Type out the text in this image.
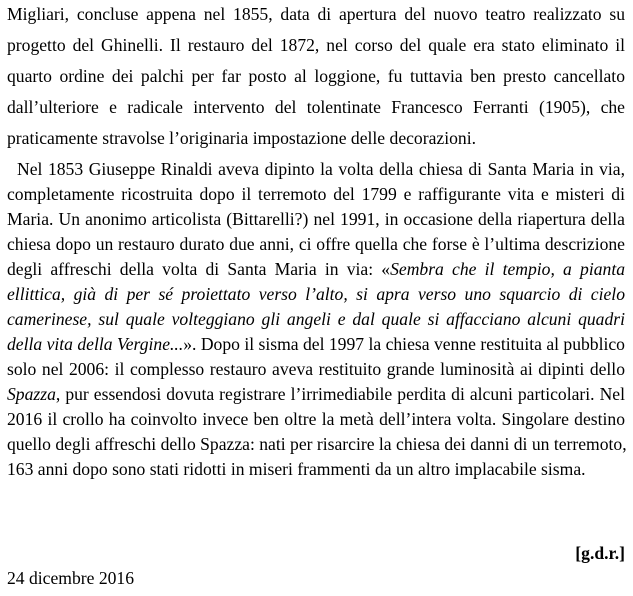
Migliari, concluse appena nel 1855, data di apertura del nuovo teatro realizzato su
progetto del Ghinelli. Il restauro del 1872, nel corso del quale era stato eliminato il
quarto ordine dei palchi per far posto al loggione, fu tuttavia ben presto cancellato
dall’ulteriore e radicale intervento del tolentinate Francesco Ferranti (1905), che
praticamente stravolse l’originaria impostazione delle decorazioni.
Nel 1853 Giuseppe Rinaldi aveva dipinto la volta della chiesa di Santa Maria in via,
completamente ricostruita dopo il terremoto del 1799 e raffigurante vita e misteri di
Maria. Un anonimo articolista (Bittarelli?) nel 1991, in occasione della riapertura della
chiesa dopo un restauro durato due anni, ci offre quella che forse è l’ultima descrizione
degli affreschi della volta di Santa Maria in via: «Sembra che il tempio, a pianta
ellittica, già di per sé proiettato verso l’alto, si apra verso uno squarcio di cielo
camerinese, sul quale volteggiano gli angeli e dal quale si affacciano alcuni quadri
della vita della Vergine...». Dopo il sisma del 1997 la chiesa venne restituita al pubblico
solo nel 2006: il complesso restauro aveva restituito grande luminosità ai dipinti dello
Spazza, pur essendosi dovuta registrare l’irrimediabile perdita di alcuni particolari. Nel
2016 il crollo ha coinvolto invece ben oltre la metà dell’intera volta. Singolare destino
quello degli affreschi dello Spazza: nati per risarcire la chiesa dei danni di un terremoto,
163 anni dopo sono stati ridotti in miseri frammenti da un altro implacabile sisma.
[g.d.r.]
24 dicembre 2016
